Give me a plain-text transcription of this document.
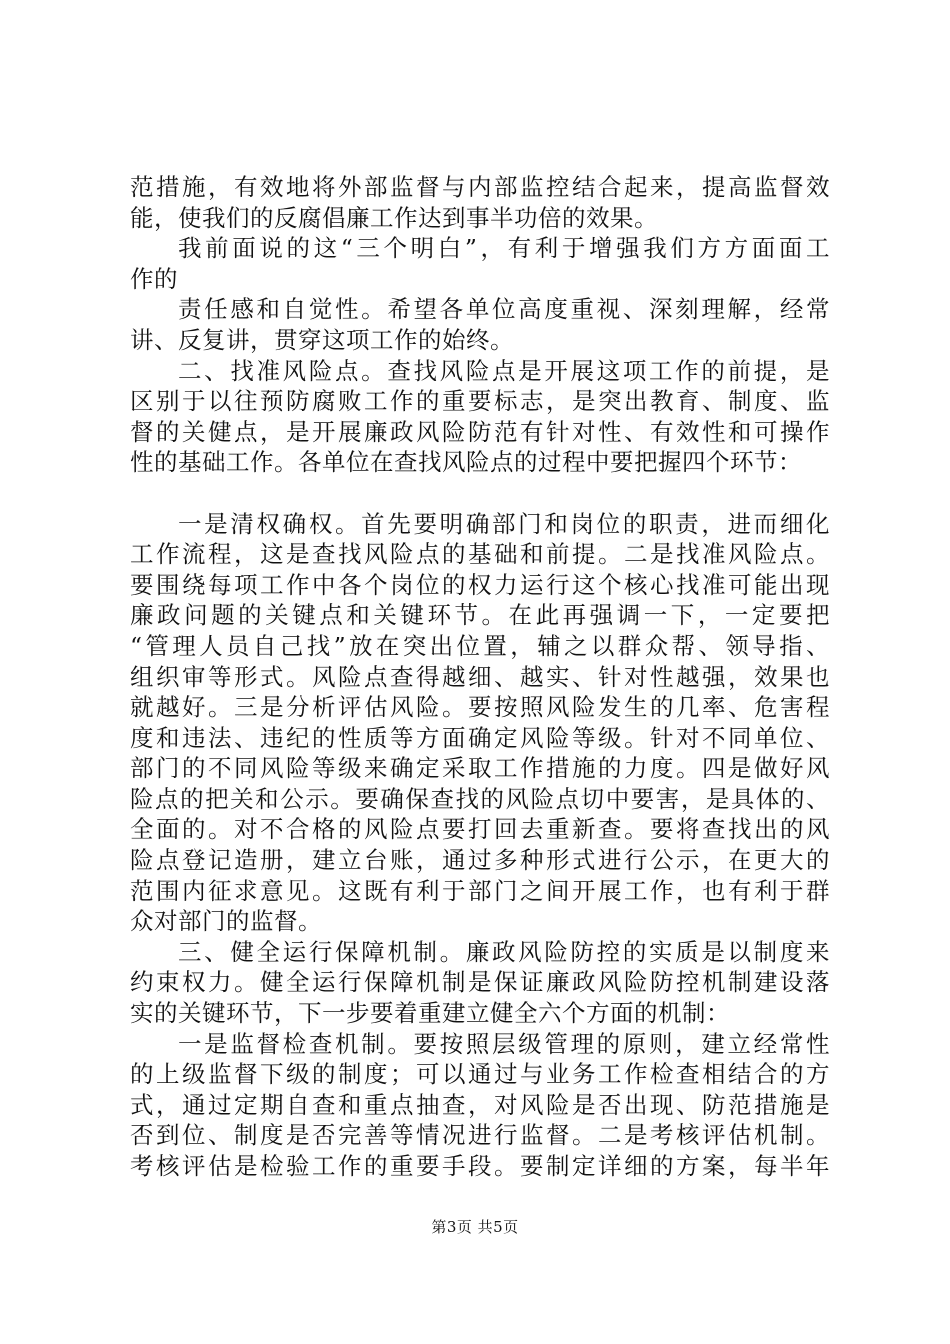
范措施，有效地将外部监督与内部监控结合起来，提高监督效
能，使我们的反腐倡廉工作达到事半功倍的效果。
我前面说的这“三个明白”，有利于增强我们方方面面工
作的
责任感和自觉性。希望各单位高度重视、深刻理解，经常
讲、反复讲，贯穿这项工作的始终。
二、找准风险点。查找风险点是开展这项工作的前提，是
区别于以往预防腐败工作的重要标志，是突出教育、制度、监
督的关健点，是开展廉政风险防范有针对性、有效性和可操作
性的基础工作。各单位在查找风险点的过程中要把握四个环节：
一是清权确权。首先要明确部门和岗位的职责，进而细化
工作流程，这是查找风险点的基础和前提。二是找准风险点。
要围绕每项工作中各个岗位的权力运行这个核心找准可能出现
廉政问题的关键点和关键环节。在此再强调一下，一定要把
“管理人员自己找”放在突出位置，辅之以群众帮、领导指、
组织审等形式。风险点查得越细、越实、针对性越强，效果也
就越好。三是分析评估风险。要按照风险发生的几率、危害程
度和违法、违纪的性质等方面确定风险等级。针对不同单位、
部门的不同风险等级来确定采取工作措施的力度。四是做好风
险点的把关和公示。要确保查找的风险点切中要害，是具体的、
全面的。对不合格的风险点要打回去重新查。要将查找出的风
险点登记造册，建立台账，通过多种形式进行公示，在更大的
范围内征求意见。这既有利于部门之间开展工作，也有利于群
众对部门的监督。
三、健全运行保障机制。廉政风险防控的实质是以制度来
约束权力。健全运行保障机制是保证廉政风险防控机制建设落
实的关键环节，下一步要着重建立健全六个方面的机制：
一是监督检查机制。要按照层级管理的原则，建立经常性
的上级监督下级的制度；可以通过与业务工作检查相结合的方
式，通过定期自查和重点抽查，对风险是否出现、防范措施是
否到位、制度是否完善等情况进行监督。二是考核评估机制。
考核评估是检验工作的重要手段。要制定详细的方案，每半年
第3页 共5页
